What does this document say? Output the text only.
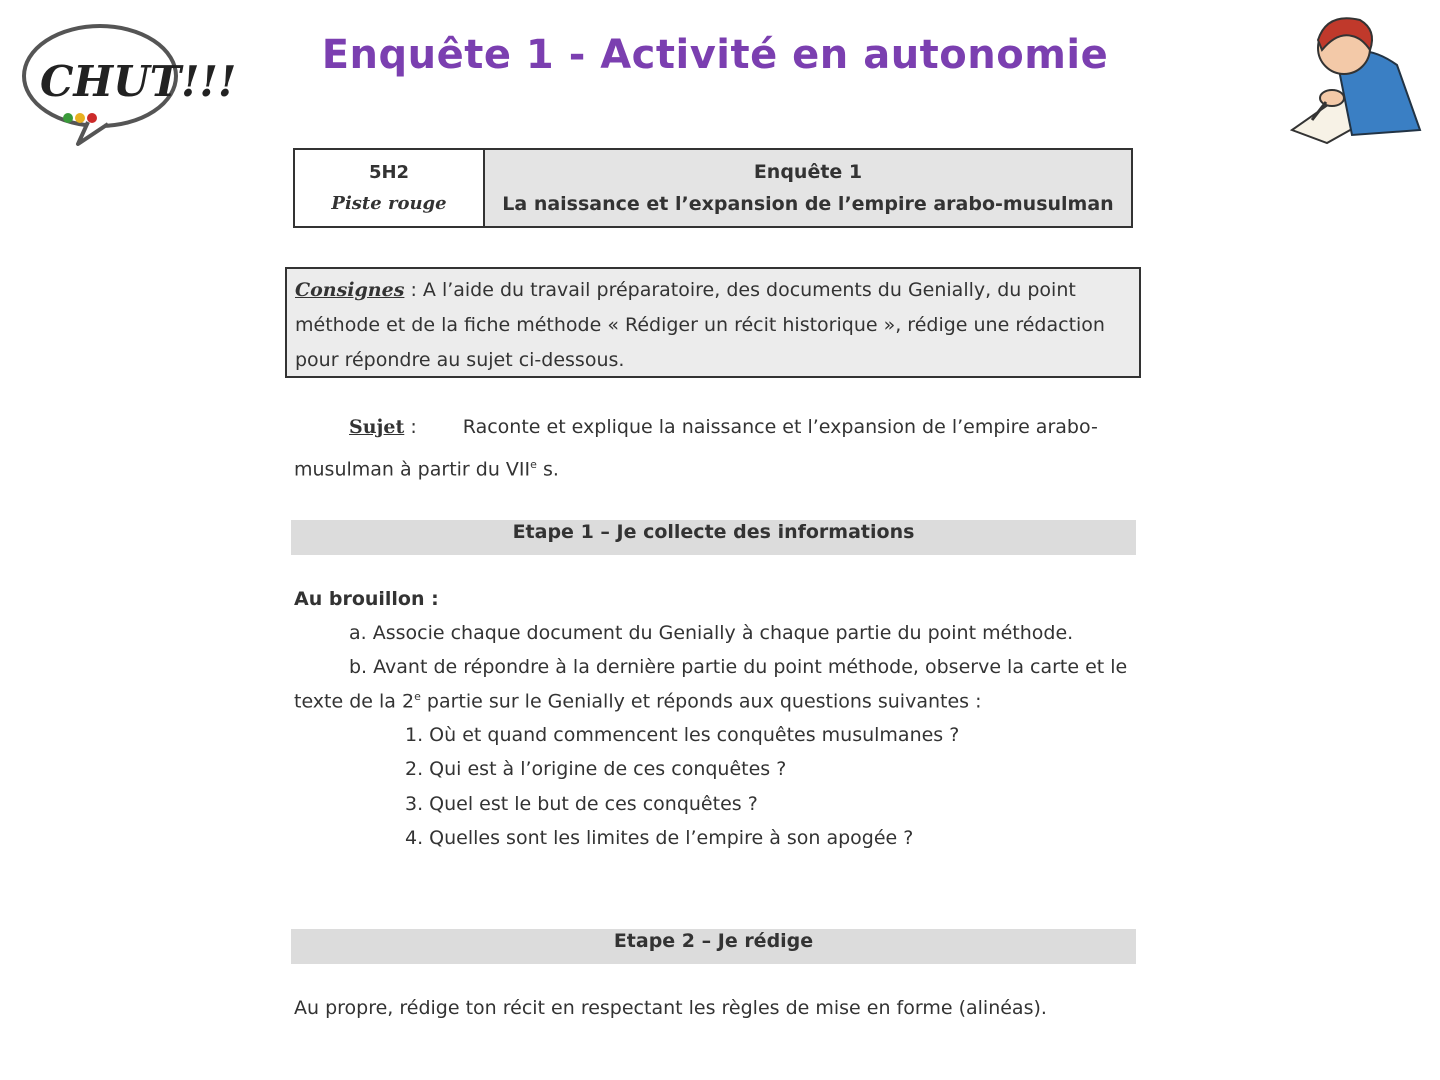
CHUT!!!
Enquête 1 - Activité en autonomie
5H2
Piste rouge
Enquête 1
La naissance et l’expansion de l’empire arabo-musulman
Consignes : A l’aide du travail préparatoire, des documents du Genially, du point méthode et de la fiche méthode « Rédiger un récit historique », rédige une rédaction pour répondre au sujet ci-dessous.
Sujet : Raconte et explique la naissance et l’expansion de l’empire arabo-musulman à partir du VIIe s.
Etape 1 – Je collecte des informations
Au brouillon :
a. Associe chaque document du Genially à chaque partie du point méthode.
b. Avant de répondre à la dernière partie du point méthode, observe la carte et le
texte de la 2e partie sur le Genially et réponds aux questions suivantes :
1. Où et quand commencent les conquêtes musulmanes ?
2. Qui est à l’origine de ces conquêtes ?
3. Quel est le but de ces conquêtes ?
4. Quelles sont les limites de l’empire à son apogée ?
Etape 2 – Je rédige
Au propre, rédige ton récit en respectant les règles de mise en forme (alinéas).
